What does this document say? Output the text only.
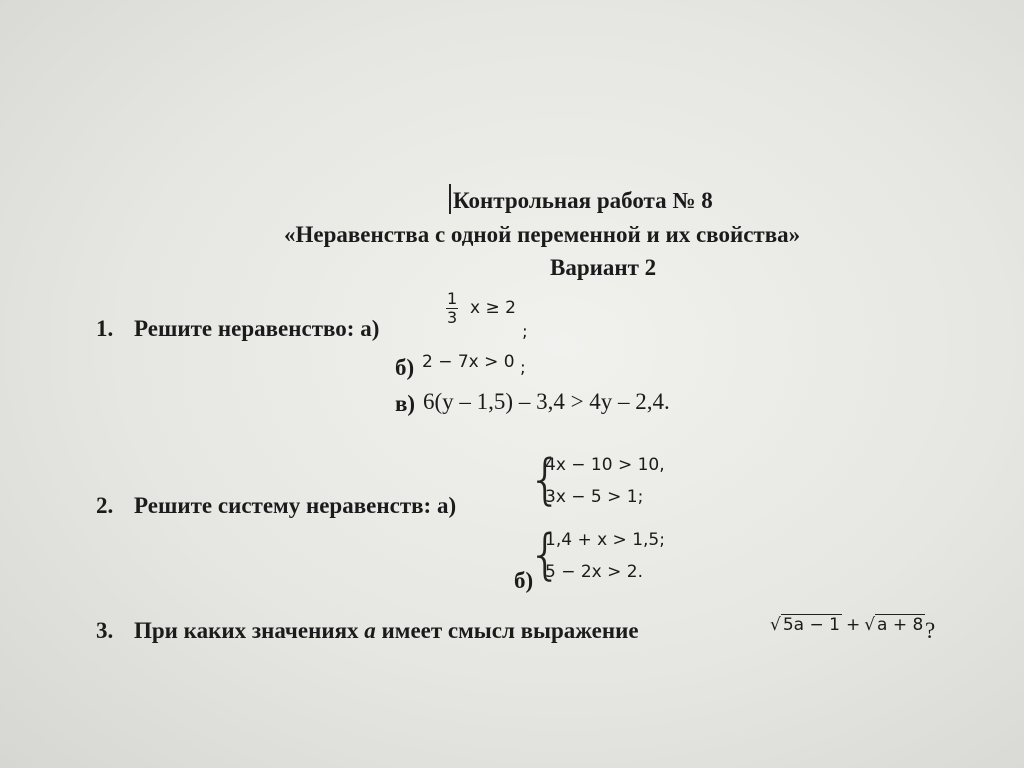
Контрольная работа № 8
«Неравенства с одной переменной и их свойства»
Вариант 2
1. Решите неравенство: а)
$\frac{1}{3}$ x ≥ 2
;
б) 2 − 7x > 0 ;
в) 6(y – 1,5) – 3,4 > 4y – 2,4.
2. Решите систему неравенств: а) {
4x − 10 > 10,
3x − 5 > 1;
б)
{
1,4 + x > 1,5;
5 − 2x > 2.
3. При каких значениях a имеет смысл выражение	√ 5a − 1 + √ a + 8 ?
